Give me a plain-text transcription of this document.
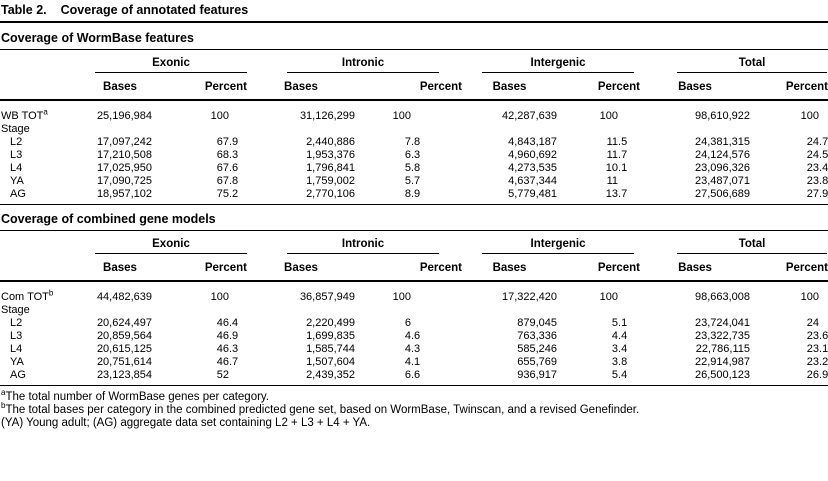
Table 2. Coverage of annotated features
Coverage of WormBase features

	Exonic		Intronic		Intergenic		Total	

	Bases	Percent	Bases	Percent	Bases	Percent	Bases	Percent
WB TOT$^a$	25,196,984	100	31,126,299	100	42,287,639	100	98,610,922	100
Stage								
L2	17,097,242	67.9	2,440,886	7.8	4,843,187	11.5	24,381,315	24.7
L3	17,210,508	68.3	1,953,376	6.3	4,960,692	11.7	24,124,576	24.5
L4	17,025,950	67.6	1,796,841	5.8	4,273,535	10.1	23,096,326	23.4
YA	17,090,725	67.8	1,759,002	5.7	4,637,344	11	23,487,071	23.8
AG	18,957,102	75.2	2,770,106	8.9	5,779,481	13.7	27,506,689	27.9
Coverage of combined gene models

	Exonic		Intronic		Intergenic		Total	

	Bases	Percent	Bases	Percent	Bases	Percent	Bases	Percent
Com TOT$^b$	44,482,639	100	36,857,949	100	17,322,420	100	98,663,008	100
Stage								
L2	20,624,497	46.4	2,220,499	6	879,045	5.1	23,724,041	24
L3	20,859,564	46.9	1,699,835	4.6	763,336	4.4	23,322,735	23.6
L4	20,615,125	46.3	1,585,744	4.3	585,246	3.4	22,786,115	23.1
YA	20,751,614	46.7	1,507,604	4.1	655,769	3.8	22,914,987	23.2
AG	23,123,854	52	2,439,352	6.6	936,917	5.4	26,500,123	26.9
$^a$The total number of WormBase genes per category.
$^b$The total bases per category in the combined predicted gene set, based on WormBase, Twinscan, and a revised Genefinder.
(YA) Young adult; (AG) aggregate data set containing L2 + L3 + L4 + YA.
